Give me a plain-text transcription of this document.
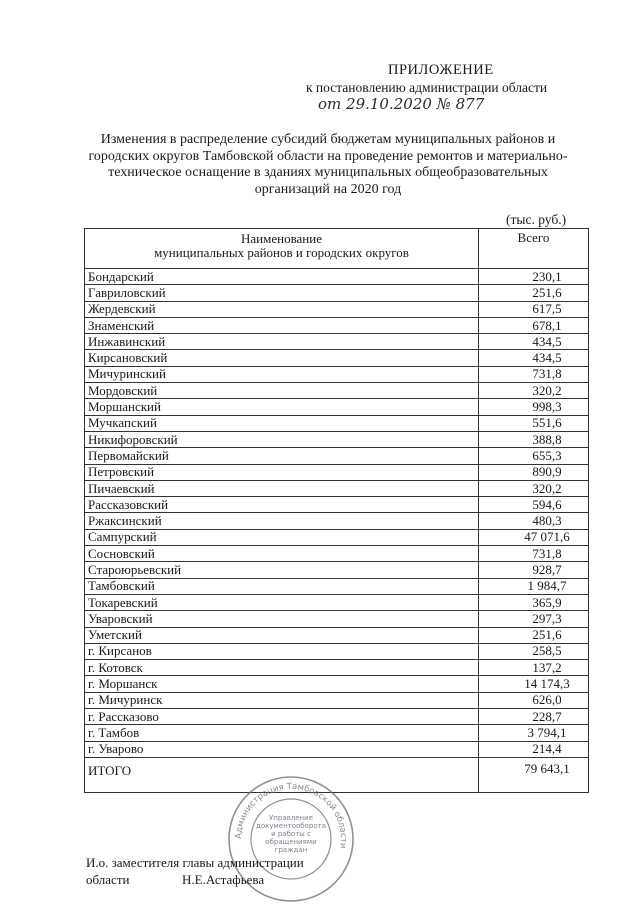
ПРИЛОЖЕНИЕ
к постановлению администрации области
от 29.10.2020 № 877
Изменения в распределение субсидий бюджетам муниципальных районов и городских округов Тамбовской области на проведение ремонтов и материально-техническое оснащение в зданиях муниципальных общеобразовательных организаций на 2020 год
(тыс. руб.)
Наименование
муниципальных районов и городских округов	Всего
Бондарский	230,1
Гавриловский	251,6
Жердевский	617,5
Знаменский	678,1
Инжавинский	434,5
Кирсановский	434,5
Мичуринский	731,8
Мордовский	320,2
Моршанский	998,3
Мучкапский	551,6
Никифоровский	388,8
Первомайский	655,3
Петровский	890,9
Пичаевский	320,2
Рассказовский	594,6
Ржаксинский	480,3
Сампурский	47 071,6
Сосновский	731,8
Староюрьевский	928,7
Тамбовский	1 984,7
Токаревский	365,9
Уваровский	297,3
Уметский	251,6
г. Кирсанов	258,5
г. Котовск	137,2
г. Моршанск	14 174,3
г. Мичуринск	626,0
г. Рассказово	228,7
г. Тамбов	3 794,1
г. Уварово	214,4
ИТОГО	79 643,1
Администрация Тамбовской области
Управление документооборота и работы с обращениями граждан
И.о. заместителя главы администрации
области	Н.Е.Астафьева
